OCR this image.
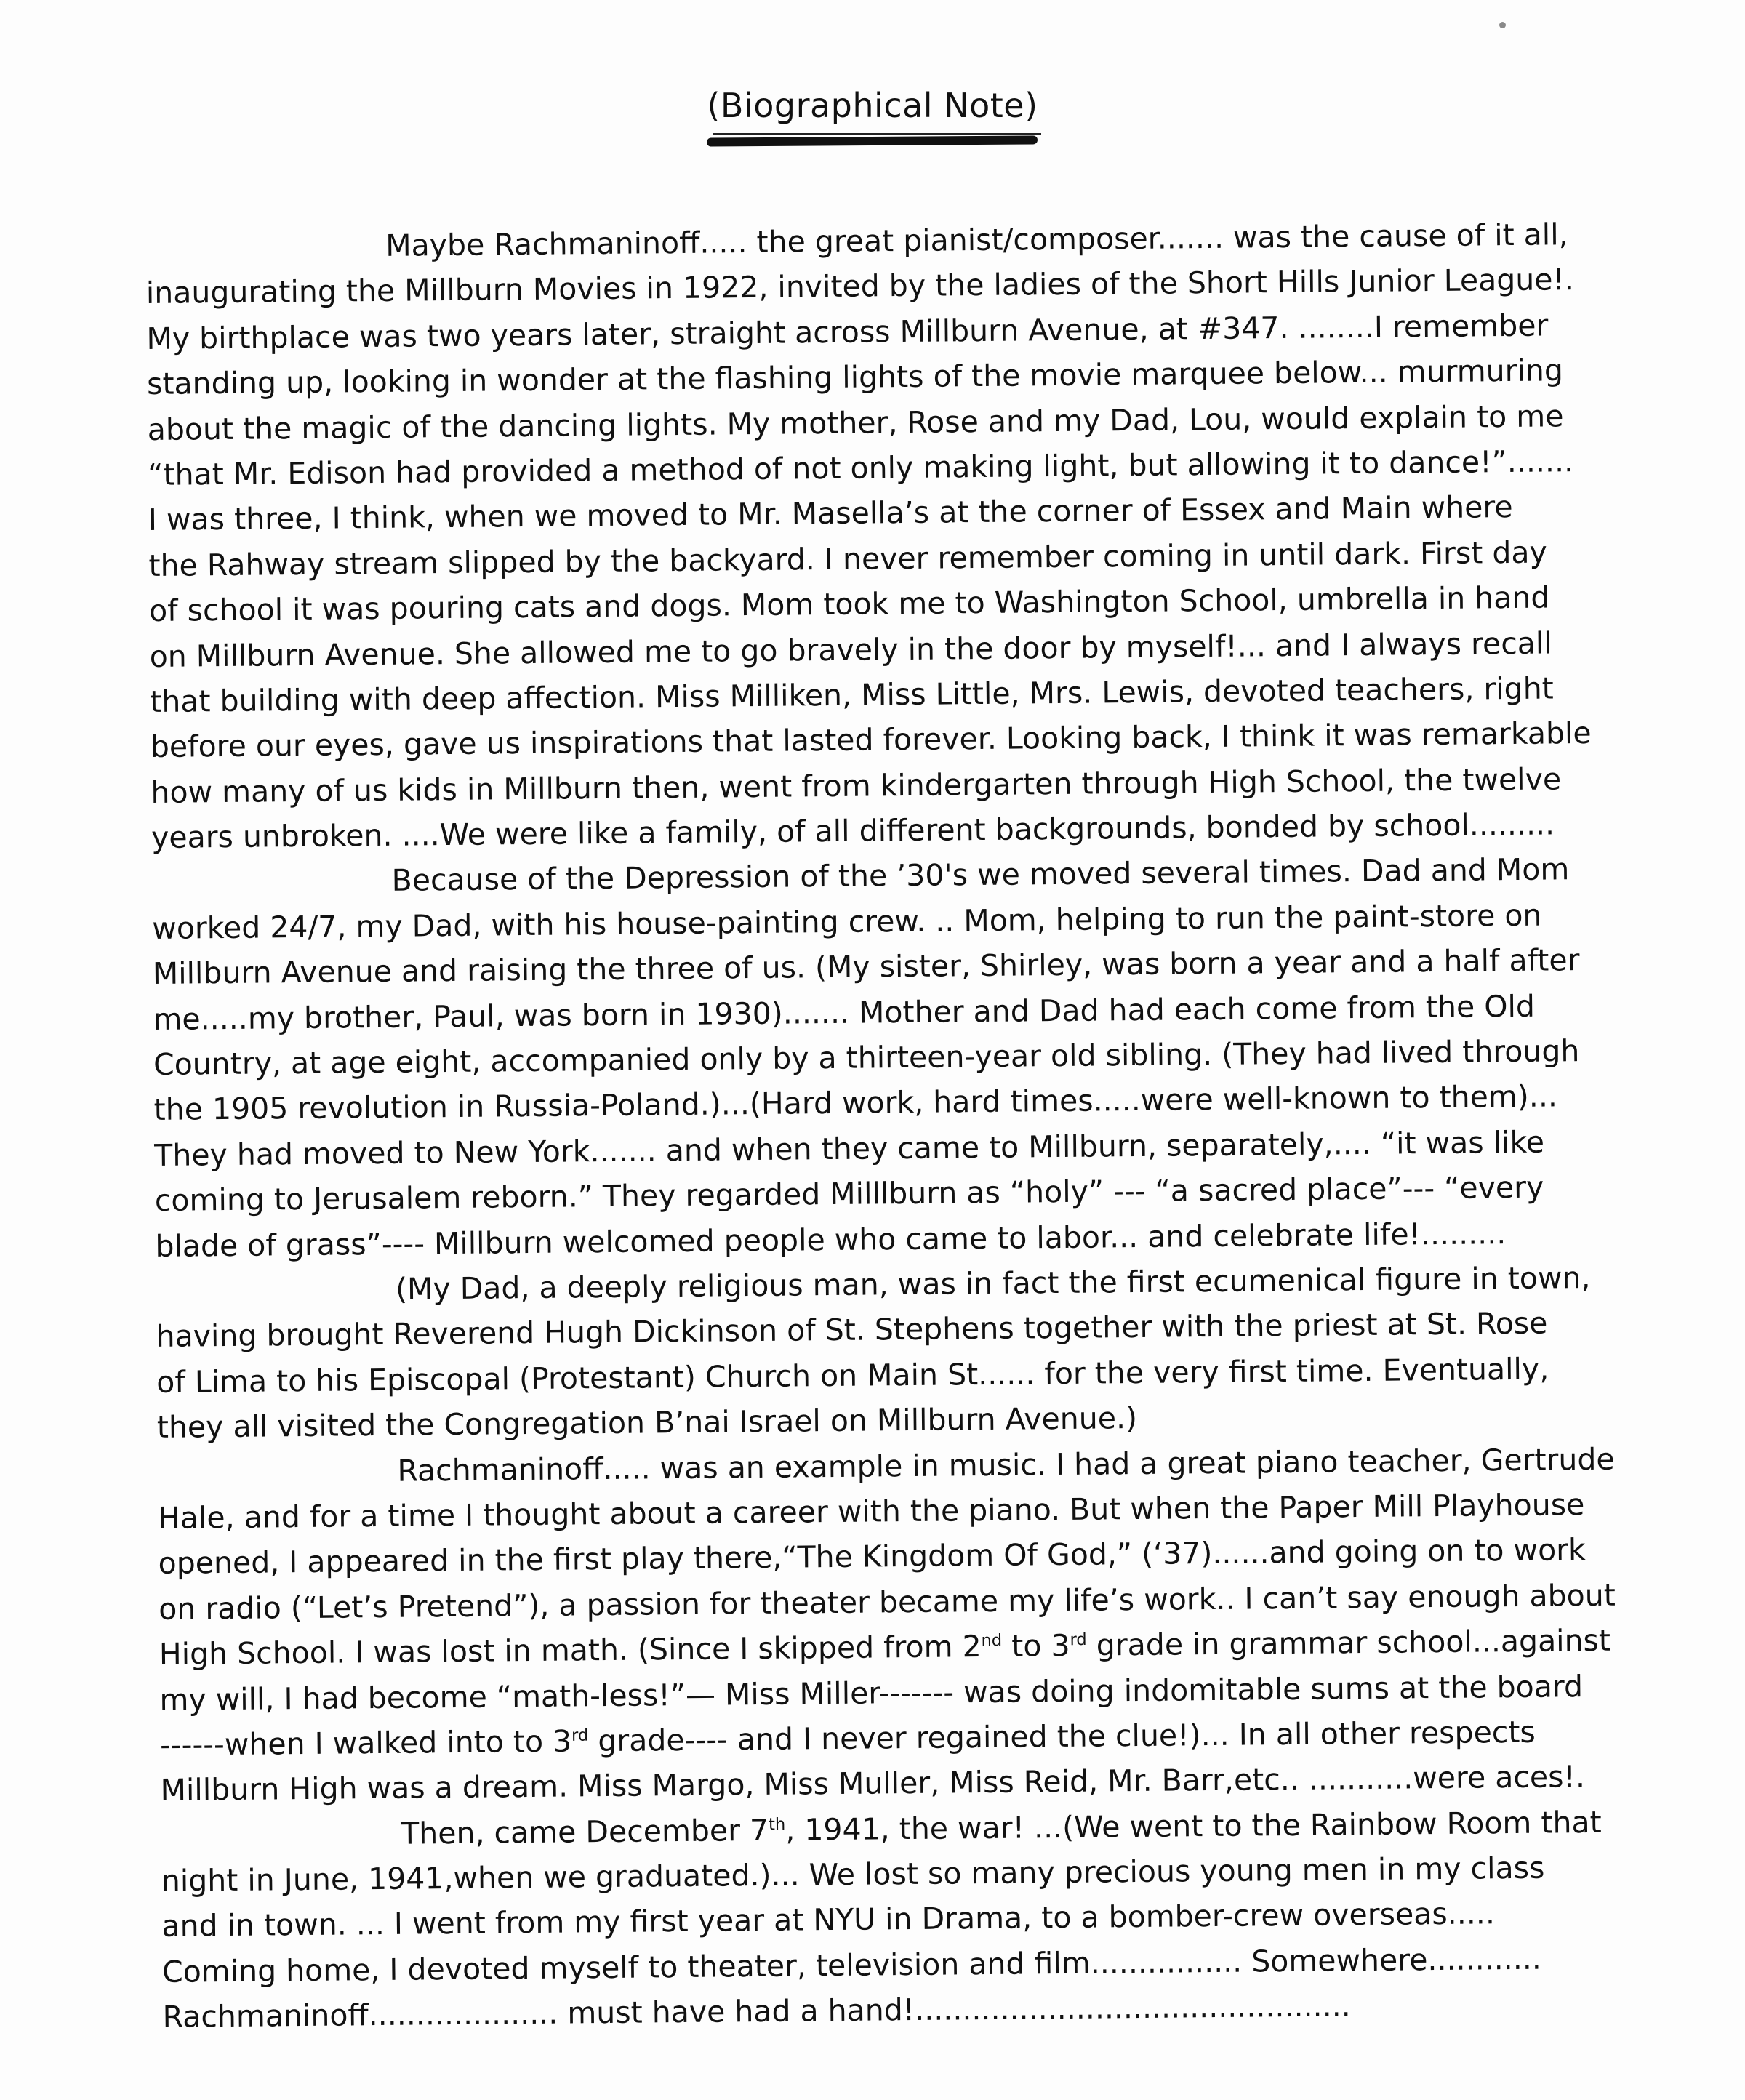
(Biographical Note)
Maybe Rachmaninoff..... the great pianist/composer....... was the cause of it all,
inaugurating the Millburn Movies in 1922, invited by the ladies of the Short Hills Junior League!.
My birthplace was two years later, straight across Millburn Avenue, at #347. ........I remember
standing up, looking in wonder at the flashing lights of the movie marquee below... murmuring
about the magic of the dancing lights. My mother, Rose and my Dad, Lou, would explain to me
“that Mr. Edison had provided a method of not only making light, but allowing it to dance!”.......
I was three, I think, when we moved to Mr. Masella’s at the corner of Essex and Main where
the Rahway stream slipped by the backyard. I never remember coming in until dark. First day
of school it was pouring cats and dogs. Mom took me to Washington School, umbrella in hand
on Millburn Avenue. She allowed me to go bravely in the door by myself!... and I always recall
that building with deep affection. Miss Milliken, Miss Little, Mrs. Lewis, devoted teachers, right
before our eyes, gave us inspirations that lasted forever. Looking back, I think it was remarkable
how many of us kids in Millburn then, went from kindergarten through High School, the twelve
years unbroken. ....We were like a family, of all different backgrounds, bonded by school.........
Because of the Depression of the ’30's we moved several times. Dad and Mom
worked 24/7, my Dad, with his house-painting crew. .. Mom, helping to run the paint-store on
Millburn Avenue and raising the three of us. (My sister, Shirley, was born a year and a half after
me.....my brother, Paul, was born in 1930)....... Mother and Dad had each come from the Old
Country, at age eight, accompanied only by a thirteen-year old sibling. (They had lived through
the 1905 revolution in Russia-Poland.)...(Hard work, hard times.....were well-known to them)...
They had moved to New York....... and when they came to Millburn, separately,.... “it was like
coming to Jerusalem reborn.” They regarded Milllburn as “holy” --- “a sacred place”--- “every
blade of grass”---- Millburn welcomed people who came to labor... and celebrate life!.........
(My Dad, a deeply religious man, was in fact the first ecumenical figure in town,
having brought Reverend Hugh Dickinson of St. Stephens together with the priest at St. Rose
of Lima to his Episcopal (Protestant) Church on Main St...... for the very first time. Eventually,
they all visited the Congregation B’nai Israel on Millburn Avenue.)
Rachmaninoff..... was an example in music. I had a great piano teacher, Gertrude
Hale, and for a time I thought about a career with the piano. But when the Paper Mill Playhouse
opened, I appeared in the first play there,“The Kingdom Of God,” (‘37)......and going on to work
on radio (“Let’s Pretend”), a passion for theater became my life’s work.. I can’t say enough about
High School. I was lost in math. (Since I skipped from 2nd to 3rd grade in grammar school...against
my will, I had become “math-less!”— Miss Miller------- was doing indomitable sums at the board
------when I walked into to 3rd grade---- and I never regained the clue!)... In all other respects
Millburn High was a dream. Miss Margo, Miss Muller, Miss Reid, Mr. Barr,etc.. ...........were aces!.
Then, came December 7th, 1941, the war! ...(We went to the Rainbow Room that
night in June, 1941,when we graduated.)... We lost so many precious young men in my class
and in town. ... I went from my first year at NYU in Drama, to a bomber-crew overseas.....
Coming home, I devoted myself to theater, television and film................ Somewhere............
Rachmaninoff.................... must have had a hand!..............................................
